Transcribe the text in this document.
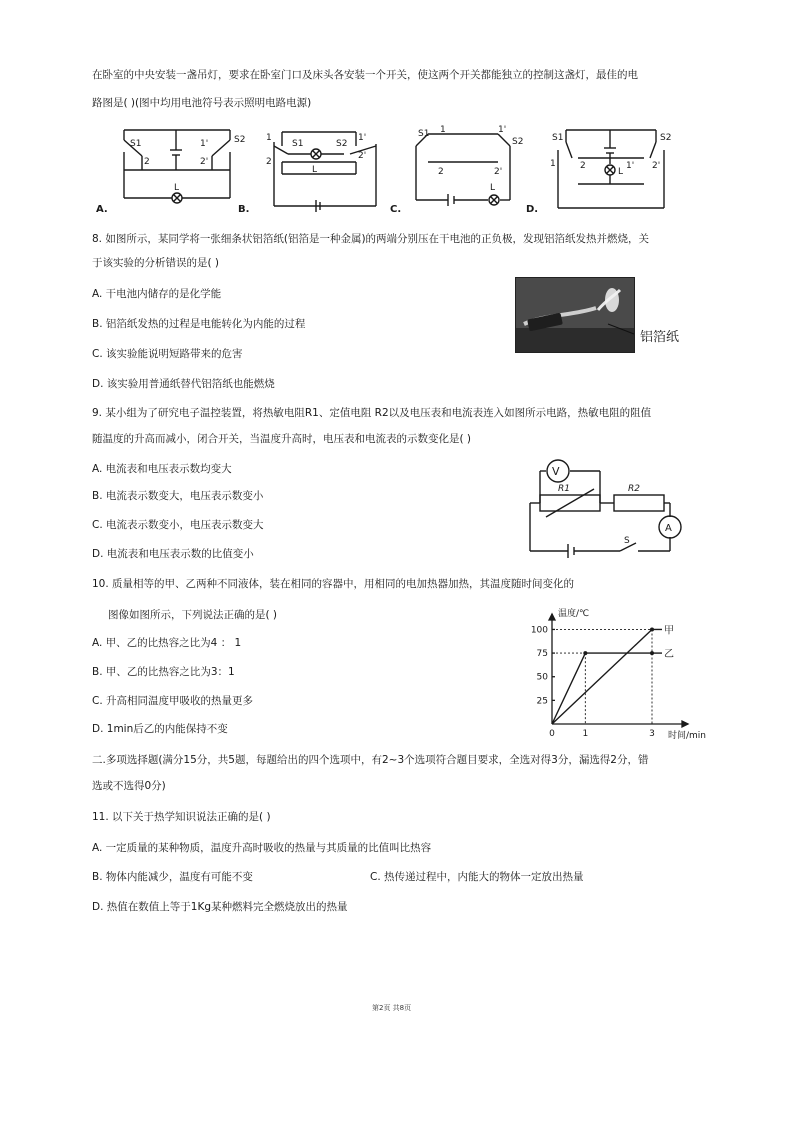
在卧室的中央安装一盏吊灯，要求在卧室门口及床头各安装一个开关，使这两个开关都能独立的控制这盏灯，最佳的电
路图是( )(图中均用电池符号表示照明电路电源)
S1
2
1'
2'
S2
L
A.
1
2
S1	S2
1'
2'
L
B.
S1 1	1'
S2
2	2'
L
C.
S1
1	2	1' 2'
S2
L
D.
8. 如图所示，某同学将一张细条状铝箔纸(铝箔是一种金属)的两端分别压在干电池的正负极，发现铝箔纸发热并燃烧，关
于该实验的分析错误的是( )
A. 干电池内储存的是化学能
B. 铝箔纸发热的过程是电能转化为内能的过程
C. 该实验能说明短路带来的危害
D. 该实验用普通纸替代铝箔纸也能燃烧
铝箔纸
9. 某小组为了研究电子温控装置，将热敏电阻R1、定值电阻 R2以及电压表和电流表连入如图所示电路，热敏电阻的阻值
随温度的升高而减小，闭合开关，当温度升高时，电压表和电流表的示数变化是( )
A. 电流表和电压表示数均变大
B. 电流表示数变大，电压表示数变小
C. 电流表示数变小，电压表示数变大
D. 电流表和电压表示数的比值变小
V
A
R1	R2
S
10. 质量相等的甲、乙两种不同液体，装在相同的容器中，用相同的电加热器加热，其温度随时间变化的
图像如图所示，下列说法正确的是( )
A. 甲、乙的比热容之比为4 ： 1
B. 甲、乙的比热容之比为3：1
C. 升高相同温度甲吸收的热量更多
D. 1min后乙的内能保持不变
25
50
75
100
0	1	3
甲
乙
温度/℃
时间/min
二.多项选择题(满分15分，共5题，每题给出的四个选项中，有2~3个选项符合题目要求，全选对得3分，漏选得2分，错
选或不选得0分)
11. 以下关于热学知识说法正确的是( )
A. 一定质量的某种物质，温度升高时吸收的热量与其质量的比值叫比热容
B. 物体内能减少，温度有可能不变	C. 热传递过程中，内能大的物体一定放出热量
D. 热值在数值上等于1Kg某种燃料完全燃烧放出的热量
第2页 共8页
